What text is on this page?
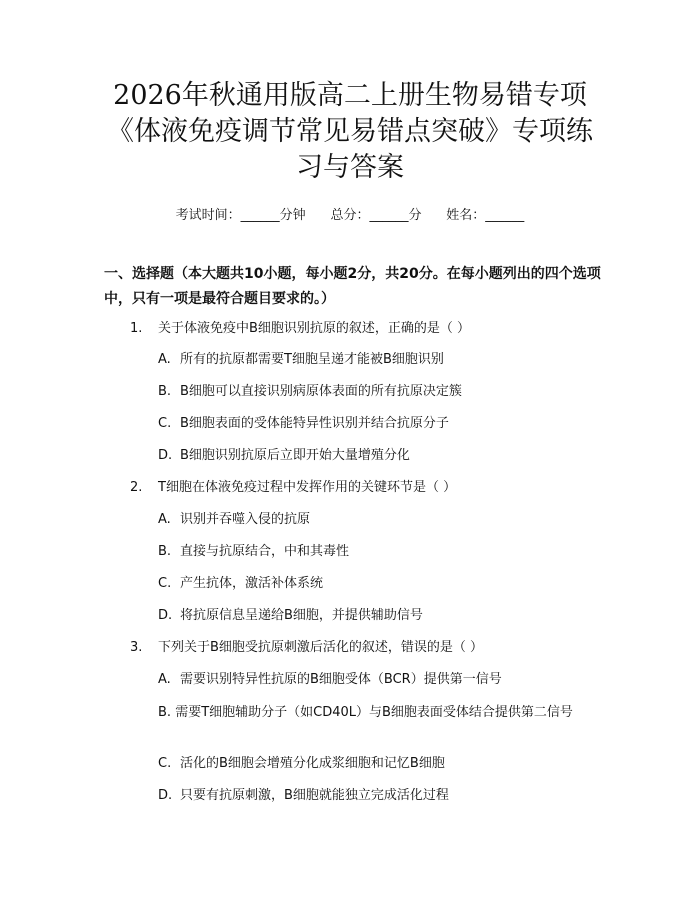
2026年秋通用版高二上册生物易错专项《体液免疫调节常见易错点突破》专项练习与答案
考试时间：______分钟 总分：______分 姓名：______
一、选择题（本大题共10小题，每小题2分，共20分。在每小题列出的四个选项中，只有一项是最符合题目要求的。）
1. 关于体液免疫中B细胞识别抗原的叙述，正确的是（ ）
A. 所有的抗原都需要T细胞呈递才能被B细胞识别
B. B细胞可以直接识别病原体表面的所有抗原决定簇
C. B细胞表面的受体能特异性识别并结合抗原分子
D. B细胞识别抗原后立即开始大量增殖分化
2. T细胞在体液免疫过程中发挥作用的关键环节是（ ）
A. 识别并吞噬入侵的抗原
B. 直接与抗原结合，中和其毒性
C. 产生抗体，激活补体系统
D. 将抗原信息呈递给B细胞，并提供辅助信号
3. 下列关于B细胞受抗原刺激后活化的叙述，错误的是（ ）
A. 需要识别特异性抗原的B细胞受体（BCR）提供第一信号
B. 需要T细胞辅助分子（如CD40L）与B细胞表面受体结合提供第二信号
C. 活化的B细胞会增殖分化成浆细胞和记忆B细胞
D. 只要有抗原刺激，B细胞就能独立完成活化过程
